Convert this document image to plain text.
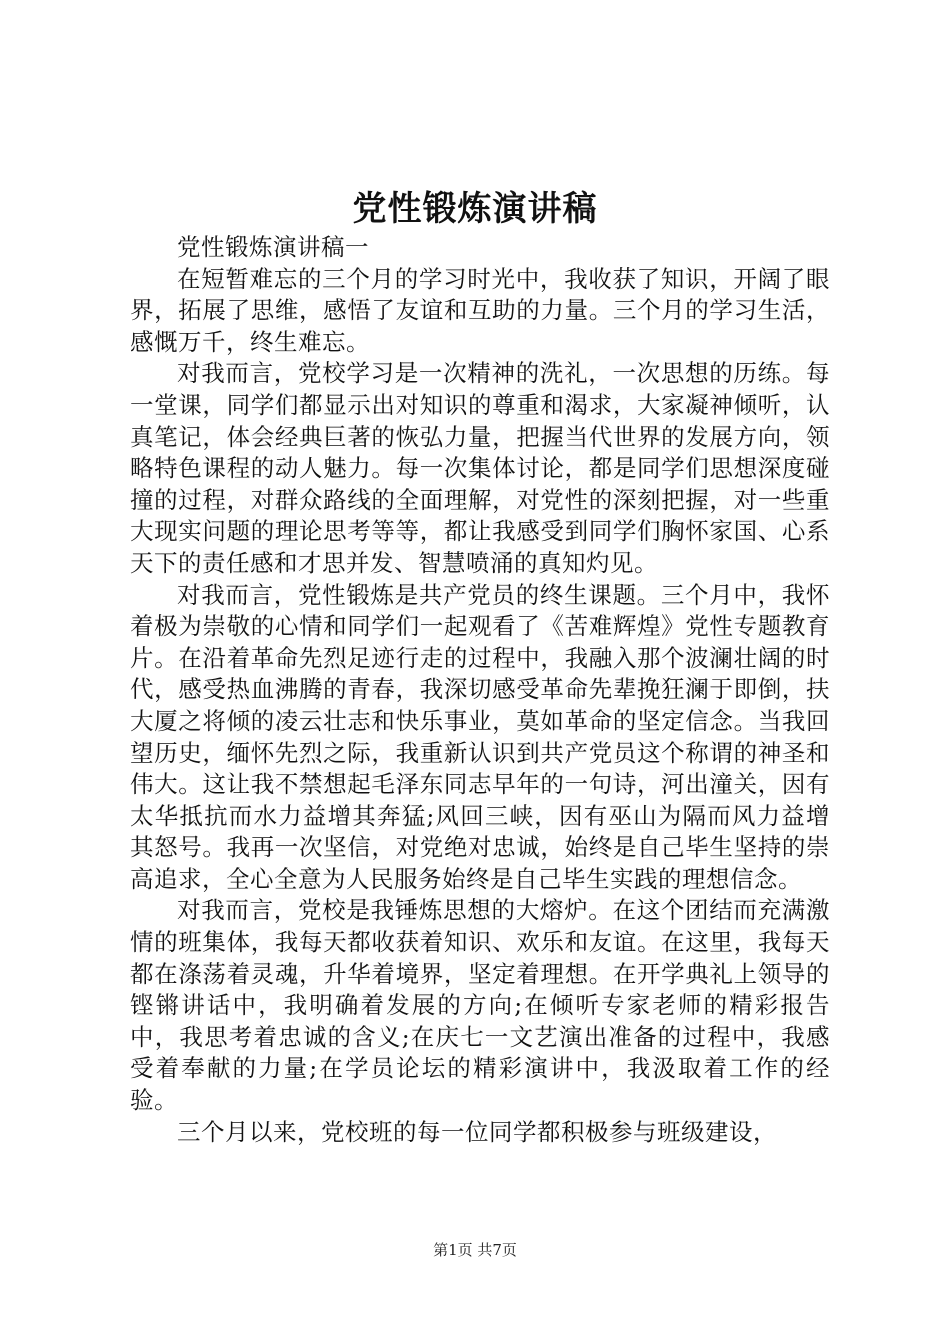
党性锻炼演讲稿

党性锻炼演讲稿一

在短暂难忘的三个月的学习时光中，我收获了知识，开阔了眼界，拓展了思维，感悟了友谊和互助的力量。三个月的学习生活，感慨万千，终生难忘。

对我而言，党校学习是一次精神的洗礼，一次思想的历练。每一堂课，同学们都显示出对知识的尊重和渴求，大家凝神倾听，认真笔记，体会经典巨著的恢弘力量，把握当代世界的发展方向，领略特色课程的动人魅力。每一次集体讨论，都是同学们思想深度碰撞的过程，对群众路线的全面理解，对党性的深刻把握，对一些重大现实问题的理论思考等等，都让我感受到同学们胸怀家国、心系天下的责任感和才思并发、智慧喷涌的真知灼见。

对我而言，党性锻炼是共产党员的终生课题。三个月中，我怀着极为崇敬的心情和同学们一起观看了《苦难辉煌》党性专题教育片。在沿着革命先烈足迹行走的过程中，我融入那个波澜壮阔的时代，感受热血沸腾的青春，我深切感受革命先辈挽狂澜于即倒，扶大厦之将倾的凌云壮志和快乐事业，莫如革命的坚定信念。当我回望历史，缅怀先烈之际，我重新认识到共产党员这个称谓的神圣和伟大。这让我不禁想起毛泽东同志早年的一句诗，河出潼关，因有太华抵抗而水力益增其奔猛;风回三峡，因有巫山为隔而风力益增其怒号。我再一次坚信，对党绝对忠诚，始终是自己毕生坚持的崇高追求，全心全意为人民服务始终是自己毕生实践的理想信念。

对我而言，党校是我锤炼思想的大熔炉。在这个团结而充满激情的班集体，我每天都收获着知识、欢乐和友谊。在这里，我每天都在涤荡着灵魂，升华着境界，坚定着理想。在开学典礼上领导的铿锵讲话中，我明确着发展的方向;在倾听专家老师的精彩报告中，我思考着忠诚的含义;在庆七一文艺演出准备的过程中，我感受着奉献的力量;在学员论坛的精彩演讲中，我汲取着工作的经验。

三个月以来，党校班的每一位同学都积极参与班级建设，

第1页 共7页
